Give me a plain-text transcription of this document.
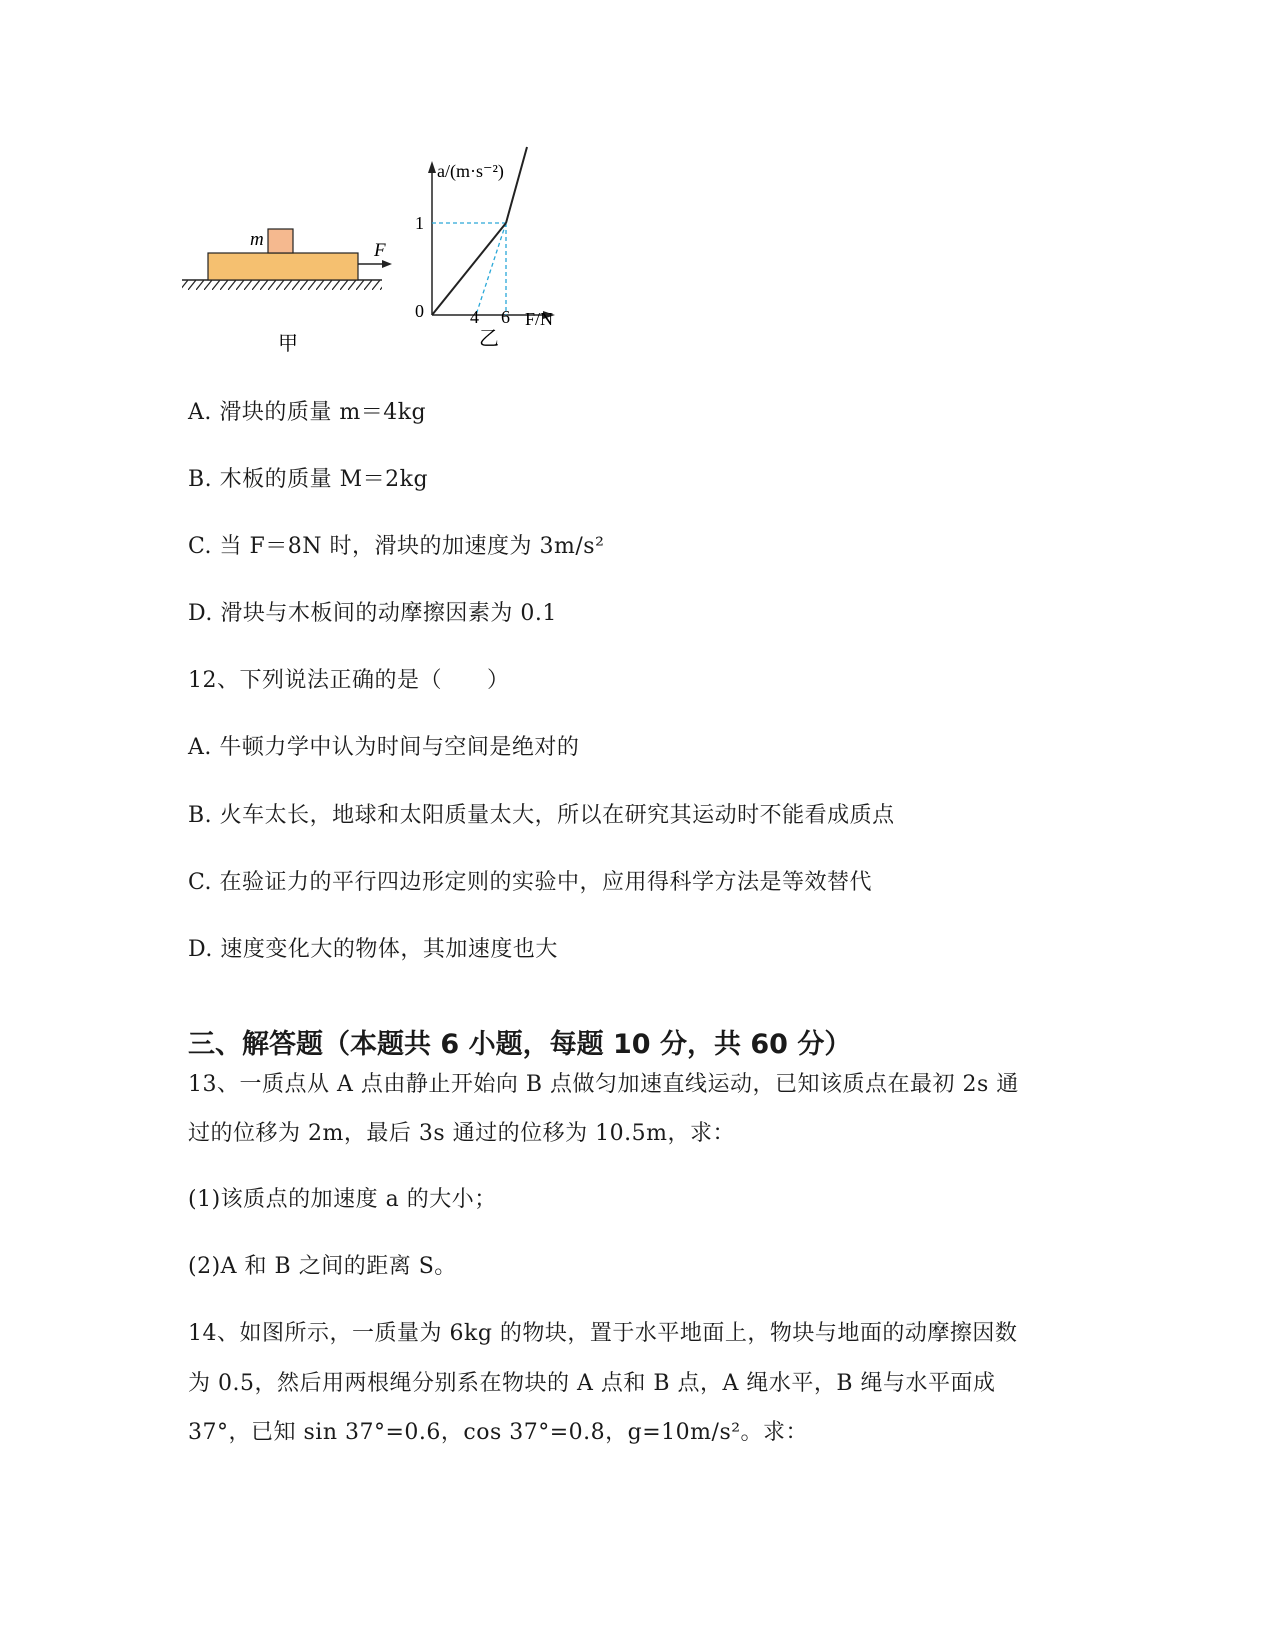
m
F
甲
a/(m·s⁻²)
1
0	4 6 F/N
乙
A. 滑块的质量 m＝4kg
B. 木板的质量 M＝2kg
C. 当 F＝8N 时，滑块的加速度为 3m/s²
D. 滑块与木板间的动摩擦因素为 0.1
12、下列说法正确的是（　　）
A. 牛顿力学中认为时间与空间是绝对的
B. 火车太长，地球和太阳质量太大，所以在研究其运动时不能看成质点
C. 在验证力的平行四边形定则的实验中，应用得科学方法是等效替代
D. 速度变化大的物体，其加速度也大
三、解答题（本题共 6 小题，每题 10 分，共 60 分）
13、一质点从 A 点由静止开始向 B 点做匀加速直线运动，已知该质点在最初 2s 通
过的位移为 2m，最后 3s 通过的位移为 10.5m，求：
(1)该质点的加速度 a 的大小；
(2)A 和 B 之间的距离 S。
14、如图所示，一质量为 6kg 的物块，置于水平地面上，物块与地面的动摩擦因数
为 0.5，然后用两根绳分别系在物块的 A 点和 B 点，A 绳水平，B 绳与水平面成
37°，已知 sin 37°=0.6，cos 37°=0.8，g=10m/s²。求：
